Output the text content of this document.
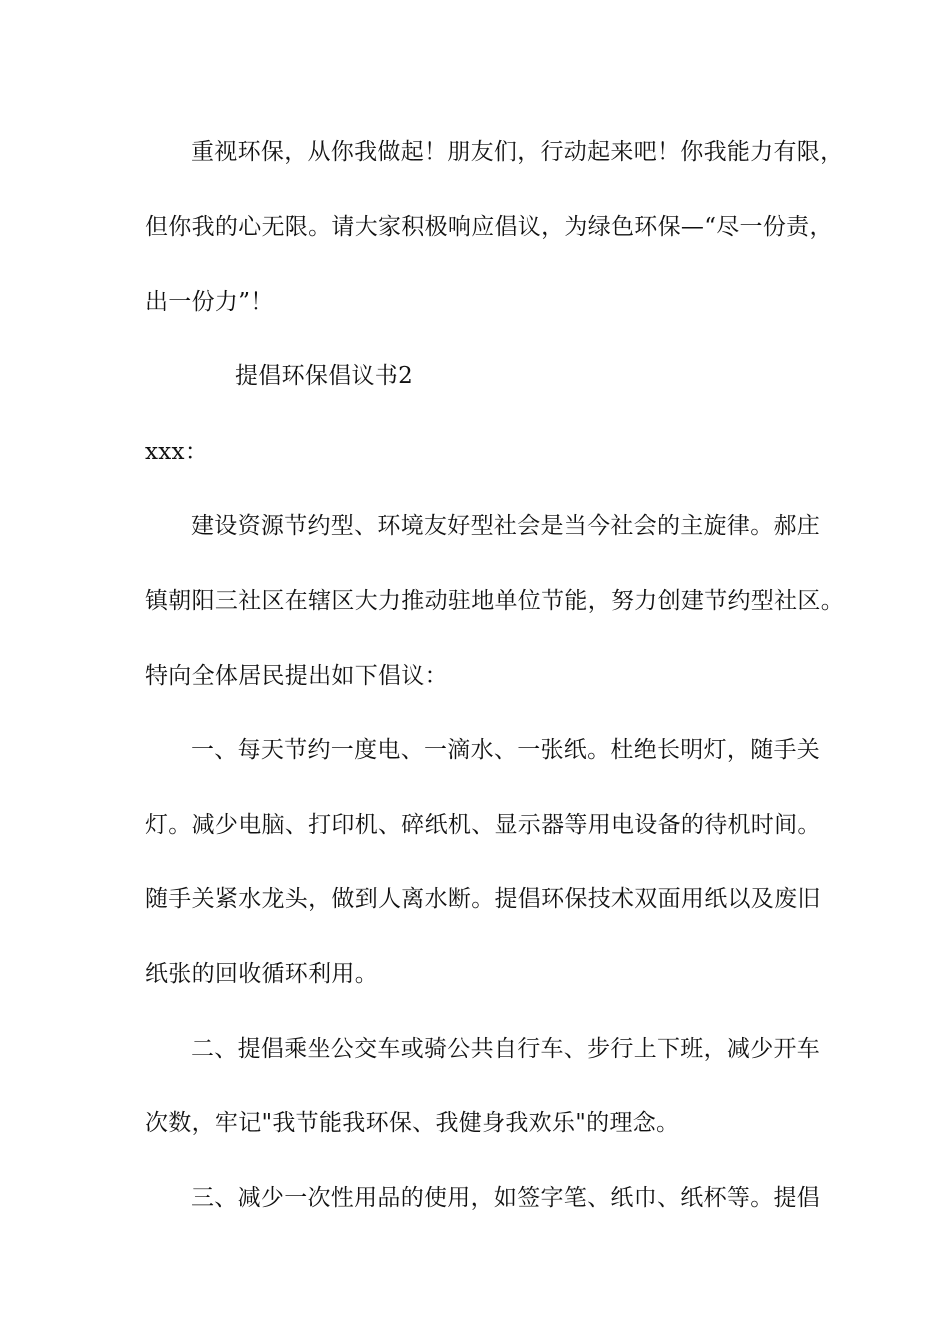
重视环保，从你我做起！朋友们，行动起来吧！你我能力有限，
但你我的心无限。请大家积极响应倡议，为绿色环保—“尽一份责，
出一份力”！
提倡环保倡议书2
xxx：
建设资源节约型、环境友好型社会是当今社会的主旋律。郝庄
镇朝阳三社区在辖区大力推动驻地单位节能，努力创建节约型社区。
特向全体居民提出如下倡议：
一、每天节约一度电、一滴水、一张纸。杜绝长明灯，随手关
灯。减少电脑、打印机、碎纸机、显示器等用电设备的待机时间。
随手关紧水龙头，做到人离水断。提倡环保技术双面用纸以及废旧
纸张的回收循环利用。
二、提倡乘坐公交车或骑公共自行车、步行上下班，减少开车
次数，牢记"我节能我环保、我健身我欢乐"的理念。
三、减少一次性用品的使用，如签字笔、纸巾、纸杯等。提倡
